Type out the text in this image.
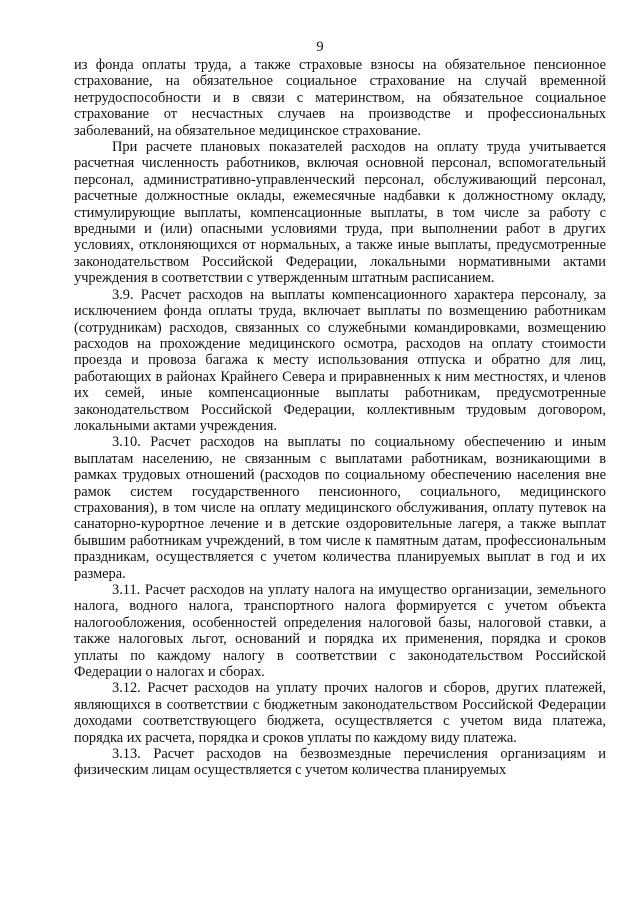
9

из фонда оплаты труда, а также страховые взносы на обязательное пенсионное страхование, на обязательное социальное страхование на случай временной нетрудоспособности и в связи с материнством, на обязательное социальное страхование от несчастных случаев на производстве и профессиональных заболеваний, на обязательное медицинское страхование.

При расчете плановых показателей расходов на оплату труда учитывается расчетная численность работников, включая основной персонал, вспомогательный персонал, административно-управленческий персонал, обслуживающий персонал, расчетные должностные оклады, ежемесячные надбавки к должностному окладу, стимулирующие выплаты, компенсационные выплаты, в том числе за работу с вредными и (или) опасными условиями труда, при выполнении работ в других условиях, отклоняющихся от нормальных, а также иные выплаты, предусмотренные законодательством Российской Федерации, локальными нормативными актами учреждения в соответствии с утвержденным штатным расписанием.

3.9. Расчет расходов на выплаты компенсационного характера персоналу, за исключением фонда оплаты труда, включает выплаты по возмещению работникам (сотрудникам) расходов, связанных со служебными командировками, возмещению расходов на прохождение медицинского осмотра, расходов на оплату стоимости проезда и провоза багажа к месту использования отпуска и обратно для лиц, работающих в районах Крайнего Севера и приравненных к ним местностях, и членов их семей, иные компенсационные выплаты работникам, предусмотренные законодательством Российской Федерации, коллективным трудовым договором, локальными актами учреждения.

3.10. Расчет расходов на выплаты по социальному обеспечению и иным выплатам населению, не связанным с выплатами работникам, возникающими в рамках трудовых отношений (расходов по социальному обеспечению населения вне рамок систем государственного пенсионного, социального, медицинского страхования), в том числе на оплату медицинского обслуживания, оплату путевок на санаторно-курортное лечение и в детские оздоровительные лагеря, а также выплат бывшим работникам учреждений, в том числе к памятным датам, профессиональным праздникам, осуществляется с учетом количества планируемых выплат в год и их размера.

3.11. Расчет расходов на уплату налога на имущество организации, земельного налога, водного налога, транспортного налога формируется с учетом объекта налогообложения, особенностей определения налоговой базы, налоговой ставки, а также налоговых льгот, оснований и порядка их применения, порядка и сроков уплаты по каждому налогу в соответствии с законодательством Российской Федерации о налогах и сборах.

3.12. Расчет расходов на уплату прочих налогов и сборов, других платежей, являющихся в соответствии с бюджетным законодательством Российской Федерации доходами соответствующего бюджета, осуществляется с учетом вида платежа, порядка их расчета, порядка и сроков уплаты по каждому виду платежа.

3.13. Расчет расходов на безвозмездные перечисления организациям и физическим лицам осуществляется с учетом количества планируемых
